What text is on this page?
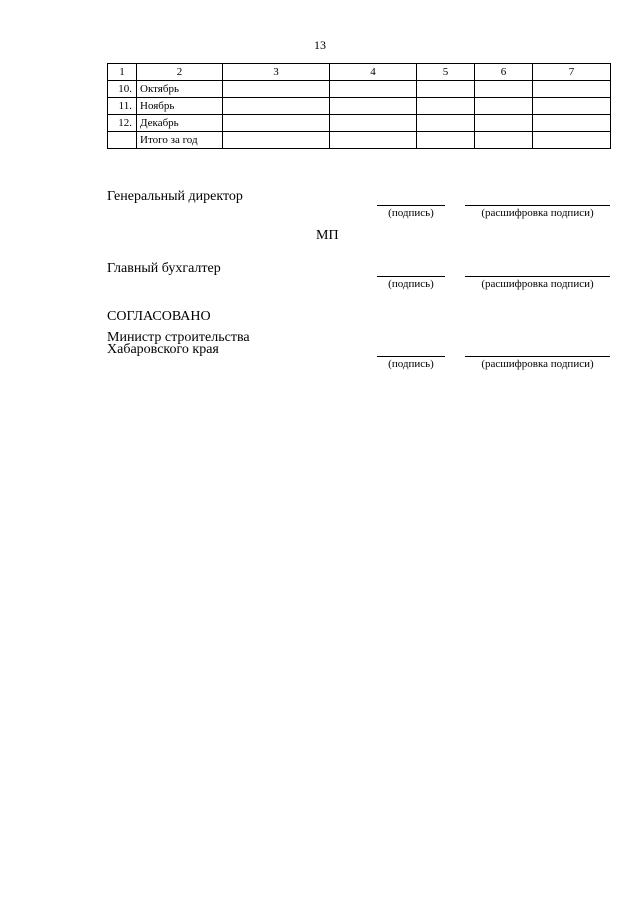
13
1	2	3	4	5	6	7
10.	Октябрь					
11.	Ноябрь					
12.	Декабрь					
	Итого за год					
Генеральный директор
(подпись)	(расшифровка подписи)
МП
Главный бухгалтер
(подпись)	(расшифровка подписи)
СОГЛАСОВАНО
Министр строительства
Хабаровского края
(подпись)	(расшифровка подписи)
